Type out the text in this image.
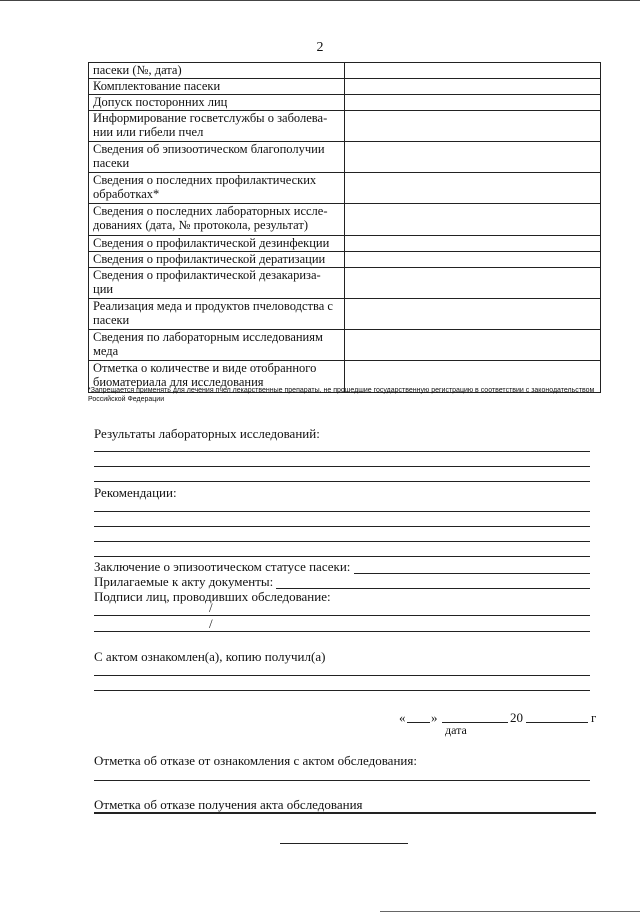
2
пасеки (№, дата)	
Комплектование пасеки	
Допуск посторонних лиц	
Информирование госветслужбы о заболева-нии или гибели пчел	
Сведения об эпизоотическом благополучии пасеки	
Сведения о последних профилактических обработках*	
Сведения о последних лабораторных иссле-дованиях (дата, № протокола, результат)	
Сведения о профилактической дезинфекции	
Сведения о профилактической дератизации	
Сведения о профилактической дезакариза-ции	
Реализация меда и продуктов пчеловодства с пасеки	
Сведения по лабораторным исследованиям меда	
Отметка о количестве и виде отобранного биоматериала для исследования	
*Запрещается применять для лечения пчел лекарственные препараты, не прошедшие государственную регистрацию в соответствии с законодательством Российской Федерации
Результаты лабораторных исследований:
Рекомендации:
Заключение о эпизоотическом статусе пасеки:
Прилагаемые к акту документы:
Подписи лиц, проводивших обследование:
/
/
С актом ознакомлен(а), копию получил(а)
« »	20	г
дата
Отметка об отказе от ознакомления с актом обследования:
Отметка об отказе получения акта обследования
